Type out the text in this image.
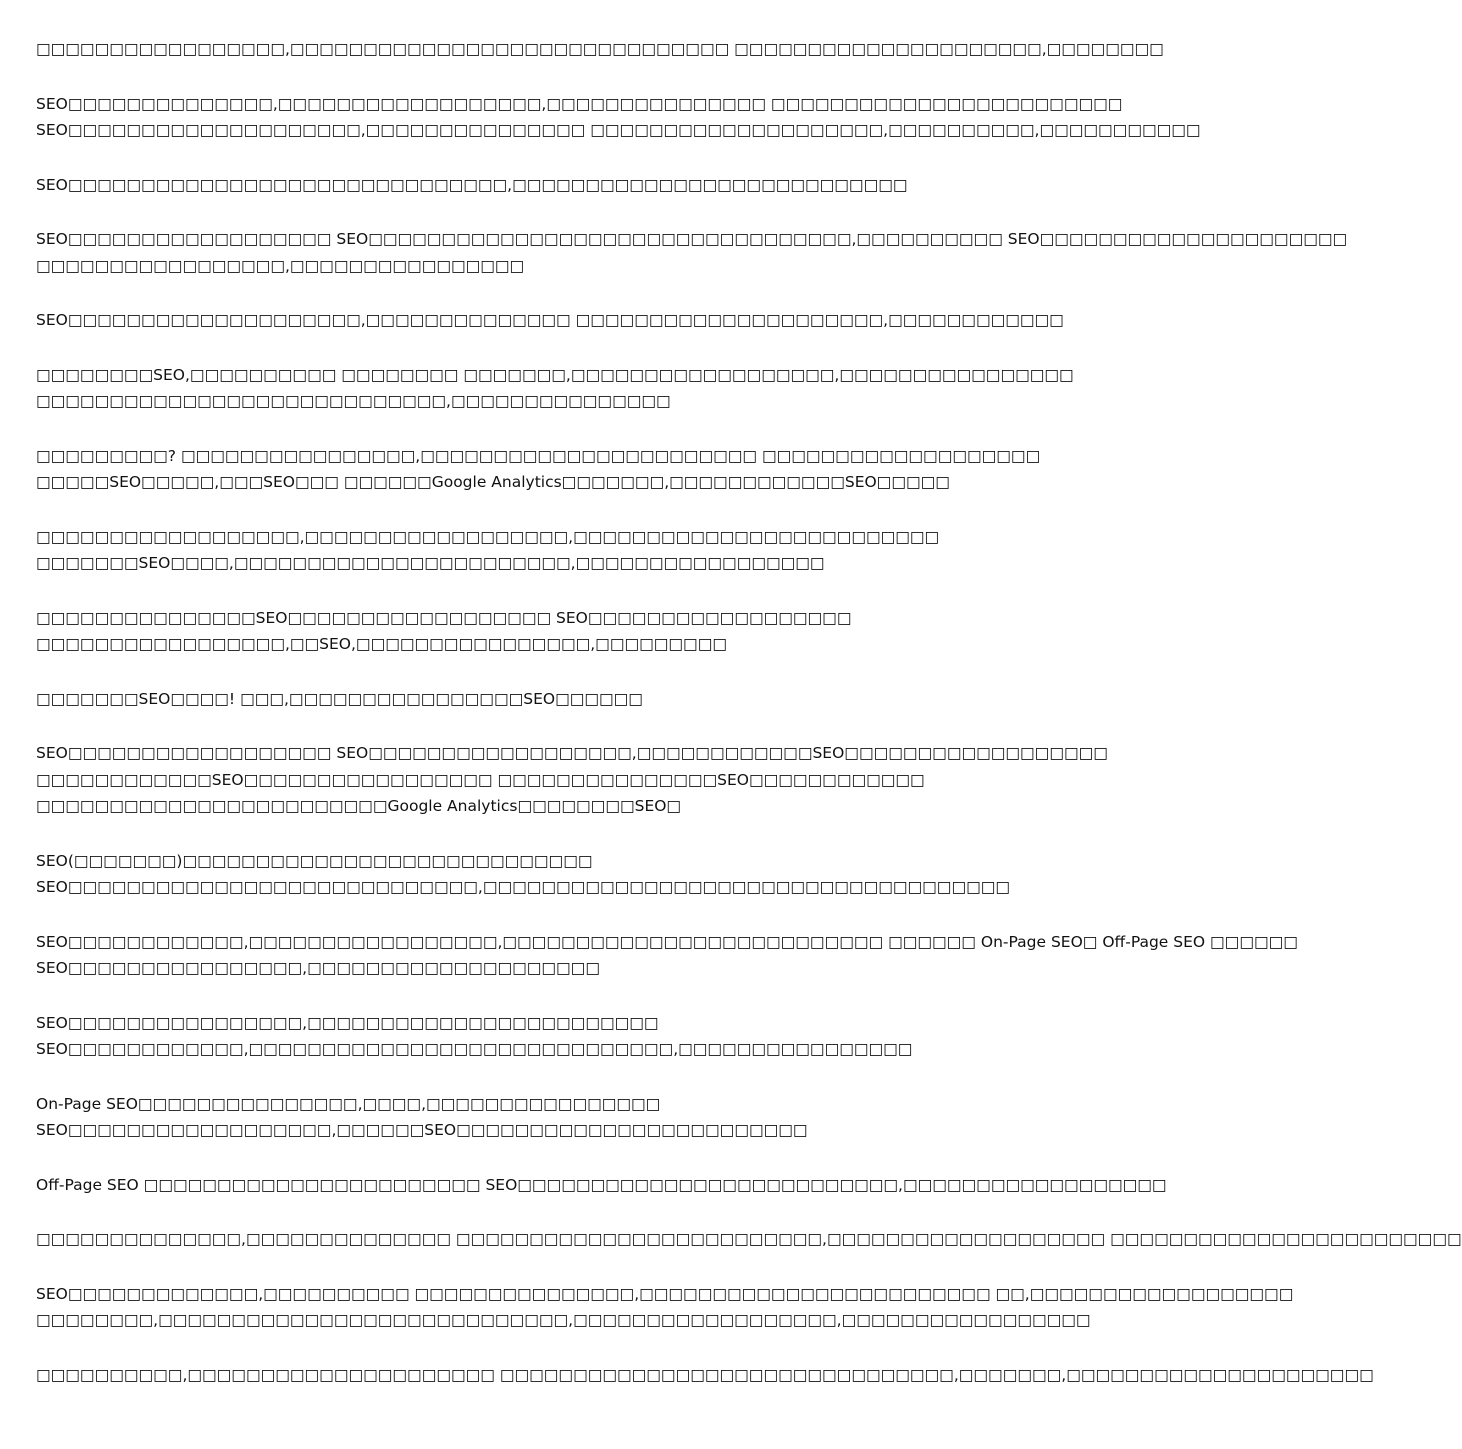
□□□□□□□□□□□□□□□□□,□□□□□□□□□□□□□□□□□□□□□□□□□□□□□□ □□□□□□□□□□□□□□□□□□□□□,□□□□□□□□

SEO□□□□□□□□□□□□□□,□□□□□□□□□□□□□□□□□□,□□□□□□□□□□□□□□□ □□□□□□□□□□□□□□□□□□□□□□□□
SEO□□□□□□□□□□□□□□□□□□□□,□□□□□□□□□□□□□□□ □□□□□□□□□□□□□□□□□□□□,□□□□□□□□□□,□□□□□□□□□□□

SEO□□□□□□□□□□□□□□□□□□□□□□□□□□□□□□,□□□□□□□□□□□□□□□□□□□□□□□□□□□

SEO□□□□□□□□□□□□□□□□□□ SEO□□□□□□□□□□□□□□□□□□□□□□□□□□□□□□□□□,□□□□□□□□□□ SEO□□□□□□□□□□□□□□□□□□□□□
□□□□□□□□□□□□□□□□□,□□□□□□□□□□□□□□□□

SEO□□□□□□□□□□□□□□□□□□□□,□□□□□□□□□□□□□□ □□□□□□□□□□□□□□□□□□□□□,□□□□□□□□□□□□

□□□□□□□□SEO,□□□□□□□□□□ □□□□□□□□ □□□□□□□,□□□□□□□□□□□□□□□□□□,□□□□□□□□□□□□□□□□
□□□□□□□□□□□□□□□□□□□□□□□□□□□□,□□□□□□□□□□□□□□□

□□□□□□□□□? □□□□□□□□□□□□□□□□,□□□□□□□□□□□□□□□□□□□□□□□ □□□□□□□□□□□□□□□□□□□
□□□□□SEO□□□□□,□□□SEO□□□ □□□□□□Google Analytics□□□□□□□,□□□□□□□□□□□□SEO□□□□□

□□□□□□□□□□□□□□□□□□,□□□□□□□□□□□□□□□□□□,□□□□□□□□□□□□□□□□□□□□□□□□□
□□□□□□□SEO□□□□,□□□□□□□□□□□□□□□□□□□□□□□,□□□□□□□□□□□□□□□□□

□□□□□□□□□□□□□□□SEO□□□□□□□□□□□□□□□□□□ SEO□□□□□□□□□□□□□□□□□□
□□□□□□□□□□□□□□□□□,□□SEO,□□□□□□□□□□□□□□□□,□□□□□□□□□

□□□□□□□SEO□□□□! □□□,□□□□□□□□□□□□□□□□SEO□□□□□□

SEO□□□□□□□□□□□□□□□□□□ SEO□□□□□□□□□□□□□□□□□□,□□□□□□□□□□□□SEO□□□□□□□□□□□□□□□□□□
□□□□□□□□□□□□SEO□□□□□□□□□□□□□□□□□ □□□□□□□□□□□□□□□SEO□□□□□□□□□□□□
□□□□□□□□□□□□□□□□□□□□□□□□Google Analytics□□□□□□□□SEO□

SEO(□□□□□□□)□□□□□□□□□□□□□□□□□□□□□□□□□□□□
SEO□□□□□□□□□□□□□□□□□□□□□□□□□□□□,□□□□□□□□□□□□□□□□□□□□□□□□□□□□□□□□□□□□

SEO□□□□□□□□□□□□,□□□□□□□□□□□□□□□□□,□□□□□□□□□□□□□□□□□□□□□□□□□□ □□□□□□ On-Page SEO□ Off-Page SEO □□□□□□
SEO□□□□□□□□□□□□□□□□,□□□□□□□□□□□□□□□□□□□□

SEO□□□□□□□□□□□□□□□□,□□□□□□□□□□□□□□□□□□□□□□□□
SEO□□□□□□□□□□□□,□□□□□□□□□□□□□□□□□□□□□□□□□□□□□,□□□□□□□□□□□□□□□□

On-Page SEO□□□□□□□□□□□□□□□,□□□□,□□□□□□□□□□□□□□□□
SEO□□□□□□□□□□□□□□□□□□,□□□□□□SEO□□□□□□□□□□□□□□□□□□□□□□□□

Off-Page SEO □□□□□□□□□□□□□□□□□□□□□□□ SEO□□□□□□□□□□□□□□□□□□□□□□□□□□,□□□□□□□□□□□□□□□□□□

□□□□□□□□□□□□□□,□□□□□□□□□□□□□□ □□□□□□□□□□□□□□□□□□□□□□□□□,□□□□□□□□□□□□□□□□□□□ □□□□□□□□□□□□□□□□□□□□□□□□

SEO□□□□□□□□□□□□□,□□□□□□□□□□ □□□□□□□□□□□□□□□,□□□□□□□□□□□□□□□□□□□□□□□□ □□,□□□□□□□□□□□□□□□□□□
□□□□□□□□,□□□□□□□□□□□□□□□□□□□□□□□□□□□□,□□□□□□□□□□□□□□□□□□,□□□□□□□□□□□□□□□□□

□□□□□□□□□□,□□□□□□□□□□□□□□□□□□□□□ □□□□□□□□□□□□□□□□□□□□□□□□□□□□□□□,□□□□□□□,□□□□□□□□□□□□□□□□□□□□□
